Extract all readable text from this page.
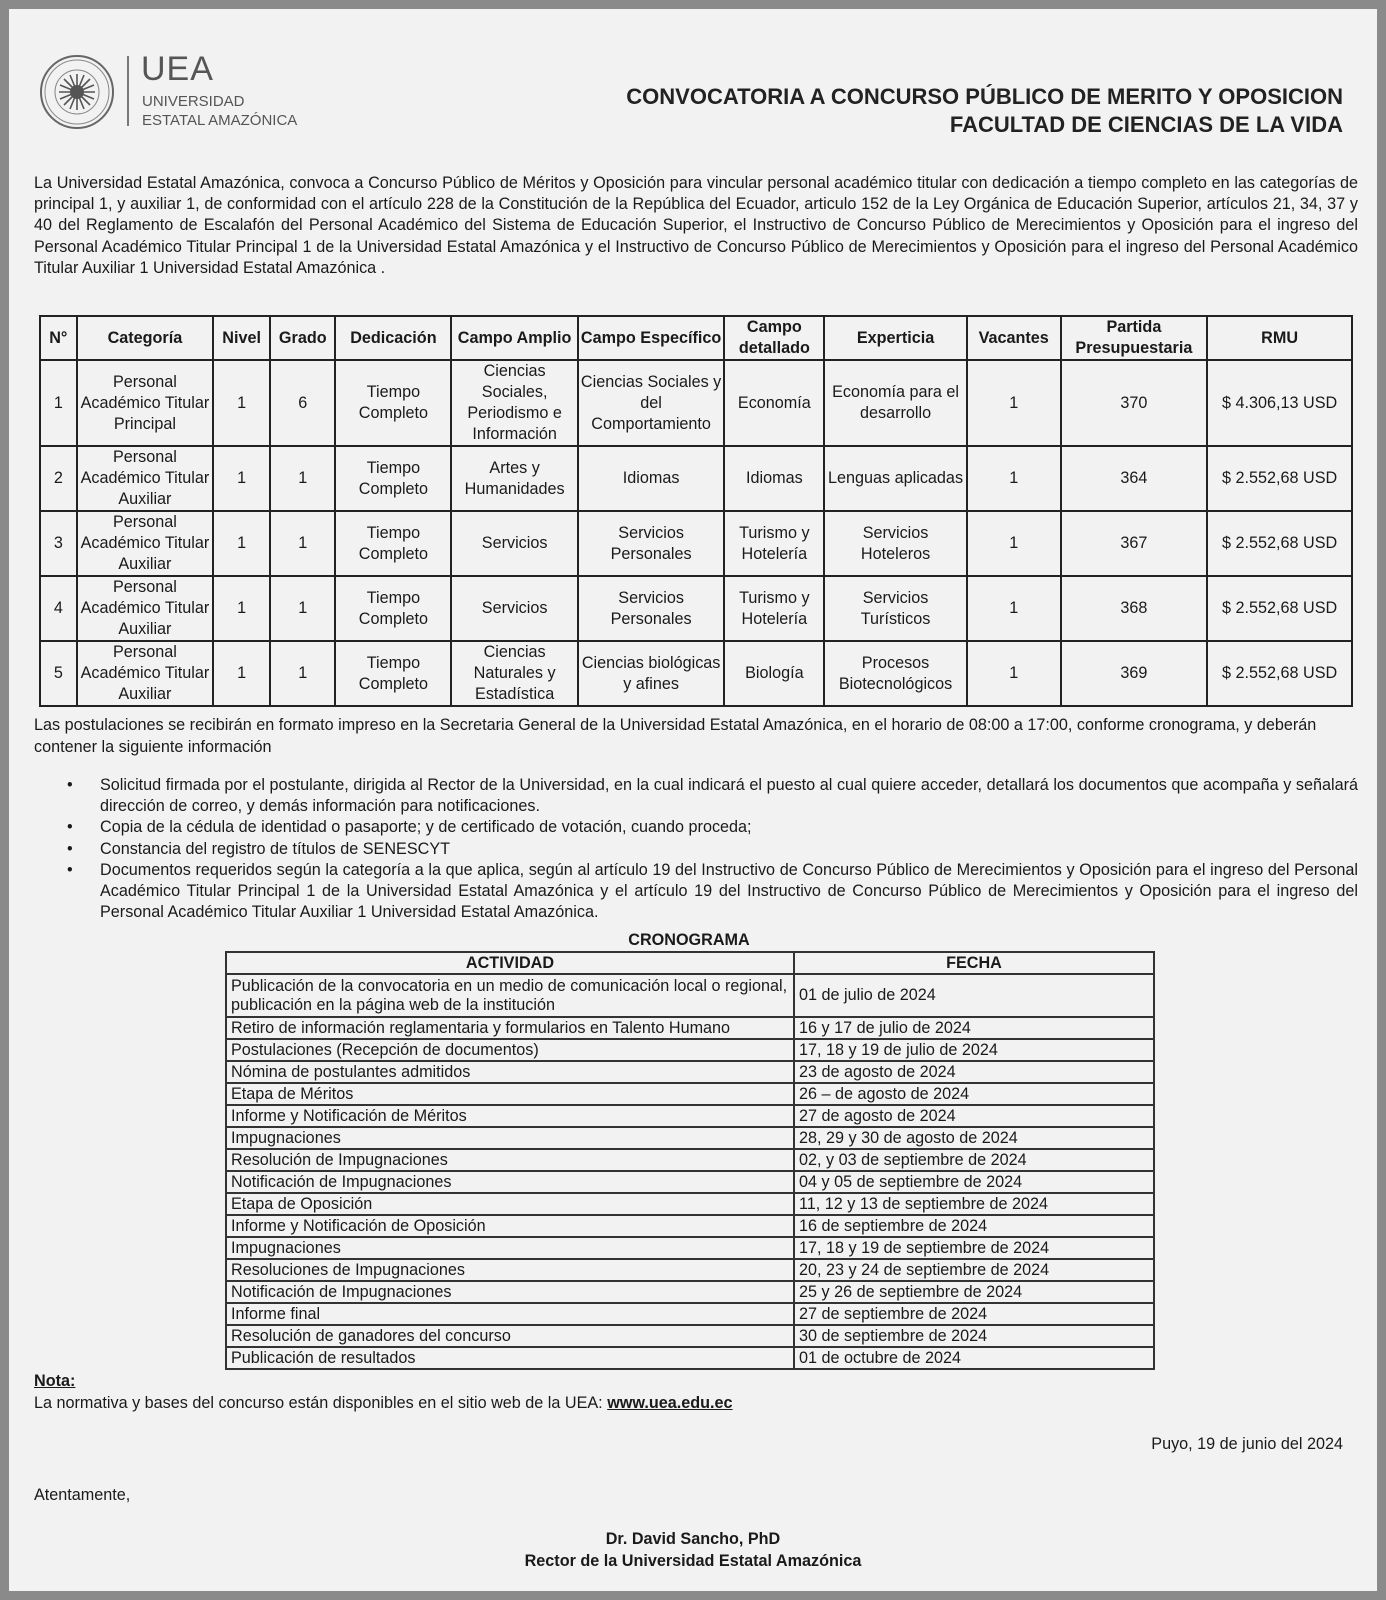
UEA
UNIVERSIDAD
ESTATAL AMAZÓNICA
CONVOCATORIA A CONCURSO PÚBLICO DE MERITO Y OPOSICION
FACULTAD DE CIENCIAS DE LA VIDA
La Universidad Estatal Amazónica, convoca a Concurso Público de Méritos y Oposición para vincular personal académico titular con dedicación a tiempo completo en las categorías de principal 1, y auxiliar 1, de conformidad con el artículo 228 de la Constitución de la República del Ecuador, articulo 152 de la Ley Orgánica de Educación Superior, artículos 21, 34, 37 y 40 del Reglamento de Escalafón del Personal Académico del Sistema de Educación Superior, el Instructivo de Concurso Público de Merecimientos y Oposición para el ingreso del Personal Académico Titular Principal 1 de la Universidad Estatal Amazónica y el Instructivo de Concurso Público de Merecimientos y Oposición para el ingreso del Personal Académico Titular Auxiliar 1 Universidad Estatal Amazónica .
N°	Categoría	Nivel	Grado	Dedicación	Campo Amplio	Campo Específico	Campo detallado	Experticia	Vacantes	Partida Presupuestaria	RMU
1	Personal Académico Titular Principal	1	6	Tiempo Completo	Ciencias Sociales, Periodismo e Información	Ciencias Sociales y del Comportamiento	Economía	Economía para el desarrollo	1	370	$ 4.306,13 USD
2	Personal Académico Titular Auxiliar	1	1	Tiempo Completo	Artes y Humanidades	Idiomas	Idiomas	Lenguas aplicadas	1	364	$ 2.552,68 USD
3	Personal Académico Titular Auxiliar	1	1	Tiempo Completo	Servicios	Servicios Personales	Turismo y Hotelería	Servicios Hoteleros	1	367	$ 2.552,68 USD
4	Personal Académico Titular Auxiliar	1	1	Tiempo Completo	Servicios	Servicios Personales	Turismo y Hotelería	Servicios Turísticos	1	368	$ 2.552,68 USD
5	Personal Académico Titular Auxiliar	1	1	Tiempo Completo	Ciencias Naturales y Estadística	Ciencias biológicas y afines	Biología	Procesos Biotecnológicos	1	369	$ 2.552,68 USD
Las postulaciones se recibirán en formato impreso en la Secretaria General de la Universidad Estatal Amazónica, en el horario de 08:00 a 17:00, conforme cronograma, y deberán contener la siguiente información
• Solicitud firmada por el postulante, dirigida al Rector de la Universidad, en la cual indicará el puesto al cual quiere acceder, detallará los documentos que acompaña y señalará dirección de correo, y demás información para notificaciones.
• Copia de la cédula de identidad o pasaporte; y de certificado de votación, cuando proceda;
• Constancia del registro de títulos de SENESCYT
• Documentos requeridos según la categoría a la que aplica, según al artículo 19 del Instructivo de Concurso Público de Merecimientos y Oposición para el ingreso del Personal Académico Titular Principal 1 de la Universidad Estatal Amazónica y el artículo 19 del Instructivo de Concurso Público de Merecimientos y Oposición para el ingreso del Personal Académico Titular Auxiliar 1 Universidad Estatal Amazónica.
CRONOGRAMA
ACTIVIDAD	FECHA
Publicación de la convocatoria en un medio de comunicación local o regional, publicación en la página web de la institución	01 de julio de 2024
Retiro de información reglamentaria y formularios en Talento Humano	16 y 17 de julio de 2024
Postulaciones (Recepción de documentos)	17, 18 y 19 de julio de 2024
Nómina de postulantes admitidos	23 de agosto de 2024
Etapa de Méritos	26 – de agosto de 2024
Informe y Notificación de Méritos	27 de agosto de 2024
Impugnaciones	28, 29 y 30 de agosto de 2024
Resolución de Impugnaciones	02, y 03 de septiembre de 2024
Notificación de Impugnaciones	04 y 05 de septiembre de 2024
Etapa de Oposición	11, 12 y 13 de septiembre de 2024
Informe y Notificación de Oposición	16 de septiembre de 2024
Impugnaciones	17, 18 y 19 de septiembre de 2024
Resoluciones de Impugnaciones	20, 23 y 24 de septiembre de 2024
Notificación de Impugnaciones	25 y 26 de septiembre de 2024
Informe final	27 de septiembre de 2024
Resolución de ganadores del concurso	30 de septiembre de 2024
Publicación de resultados	01 de octubre de 2024
Nota:
La normativa y bases del concurso están disponibles en el sitio web de la UEA: www.uea.edu.ec
Puyo, 19 de junio del 2024
Atentamente,
Dr. David Sancho, PhD
Rector de la Universidad Estatal Amazónica
